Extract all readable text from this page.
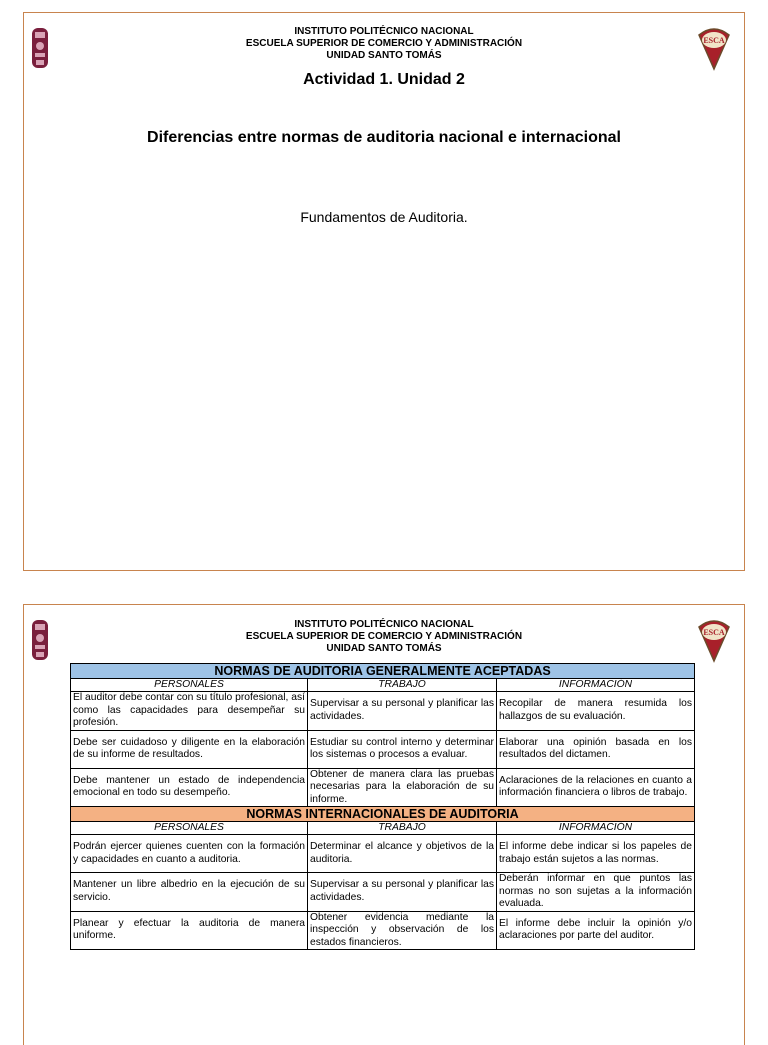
ESCA
INSTITUTO POLITÉCNICO NACIONAL
ESCUELA SUPERIOR DE COMERCIO Y ADMINISTRACIÓN
UNIDAD SANTO TOMÁS
Actividad 1. Unidad 2
Diferencias entre normas de auditoria nacional e internacional
Fundamentos de Auditoria.
ESCA
INSTITUTO POLITÉCNICO NACIONAL
ESCUELA SUPERIOR DE COMERCIO Y ADMINISTRACIÓN
UNIDAD SANTO TOMÁS
NORMAS DE AUDITORIA GENERALMENTE ACEPTADAS		
PERSONALES	TRABAJO	INFORMACIÓN
El auditor debe contar con su título profesional, así como las capacidades para desempeñar su profesión.	Supervisar a su personal y planificar las actividades.	Recopilar de manera resumida los hallazgos de su evaluación.
Debe ser cuidadoso y diligente en la elaboración de su informe de resultados.	Estudiar su control interno y determinar los sistemas o procesos a evaluar.	Elaborar una opinión basada en los resultados del dictamen.
Debe mantener un estado de independencia emocional en todo su desempeño.	Obtener de manera clara las pruebas necesarias para la elaboración de su informe.	Aclaraciones de la relaciones en cuanto a información financiera o libros de trabajo.
NORMAS INTERNACIONALES DE AUDITORIA		
PERSONALES	TRABAJO	INFORMACIÓN
Podrán ejercer quienes cuenten con la formación y capacidades en cuanto a auditoria.	Determinar el alcance y objetivos de la auditoria.	El informe debe indicar si los papeles de trabajo están sujetos a las normas.
Mantener un libre albedrio en la ejecución de su servicio.	Supervisar a su personal y planificar las actividades.	Deberán informar en que puntos las normas no son sujetas a la información evaluada.
Planear y efectuar la auditoria de manera uniforme.	Obtener evidencia mediante la inspección y observación de los estados financieros.	El informe debe incluir la opinión y/o aclaraciones por parte del auditor.
